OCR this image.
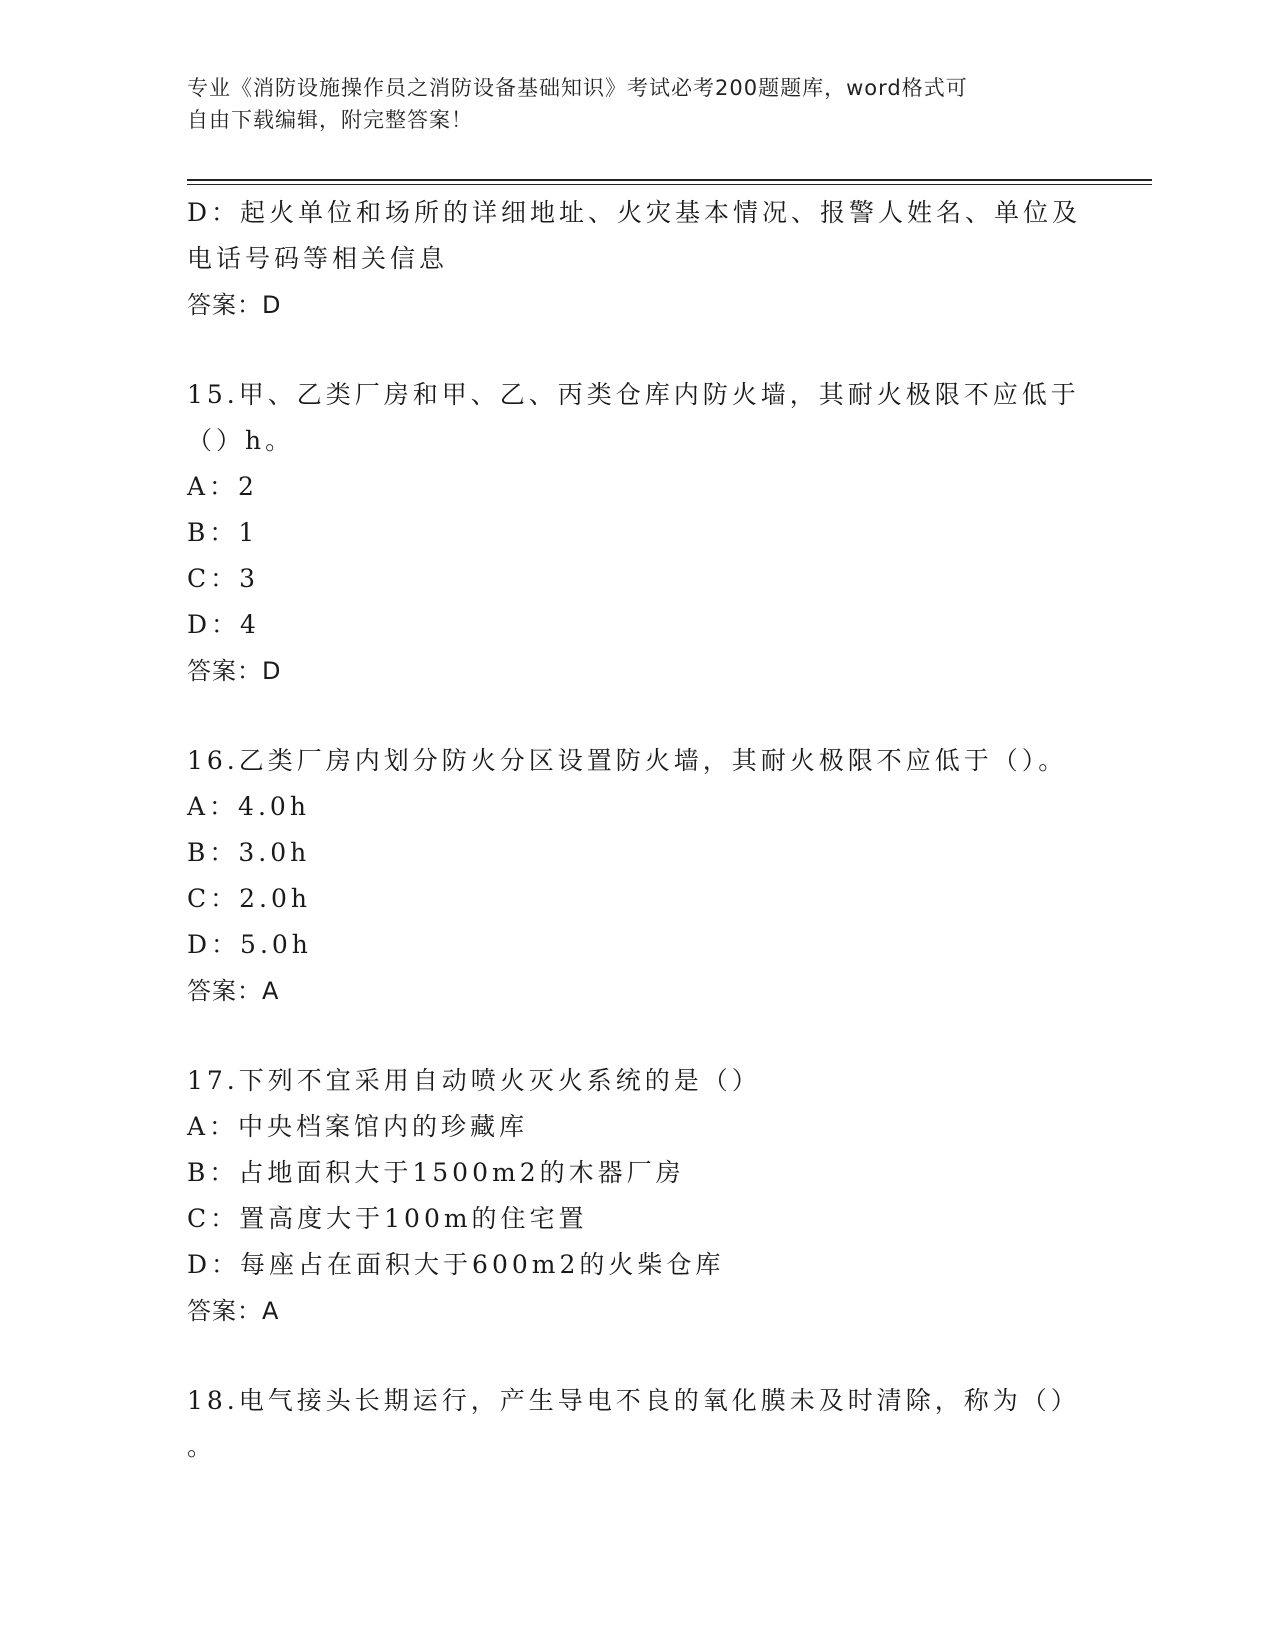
专业《消防设施操作员之消防设备基础知识》考试必考200题题库，word格式可
自由下载编辑，附完整答案！
D：起火单位和场所的详细地址、火灾基本情况、报警人姓名、单位及
电话号码等相关信息
答案：D
15.甲、乙类厂房和甲、乙、丙类仓库内防火墙，其耐火极限不应低于
（）h。
A：2
B：1
C：3
D：4
答案：D
16.乙类厂房内划分防火分区设置防火墙，其耐火极限不应低于（）。
A：4.0h
B：3.0h
C：2.0h
D：5.0h
答案：A
17.下列不宜采用自动喷火灭火系统的是（）
A：中央档案馆内的珍藏库
B：占地面积大于1500m2的木器厂房
C：置高度大于100m的住宅置
D：每座占在面积大于600m2的火柴仓库
答案：A
18.电气接头长期运行，产生导电不良的氧化膜未及时清除，称为（）
。
